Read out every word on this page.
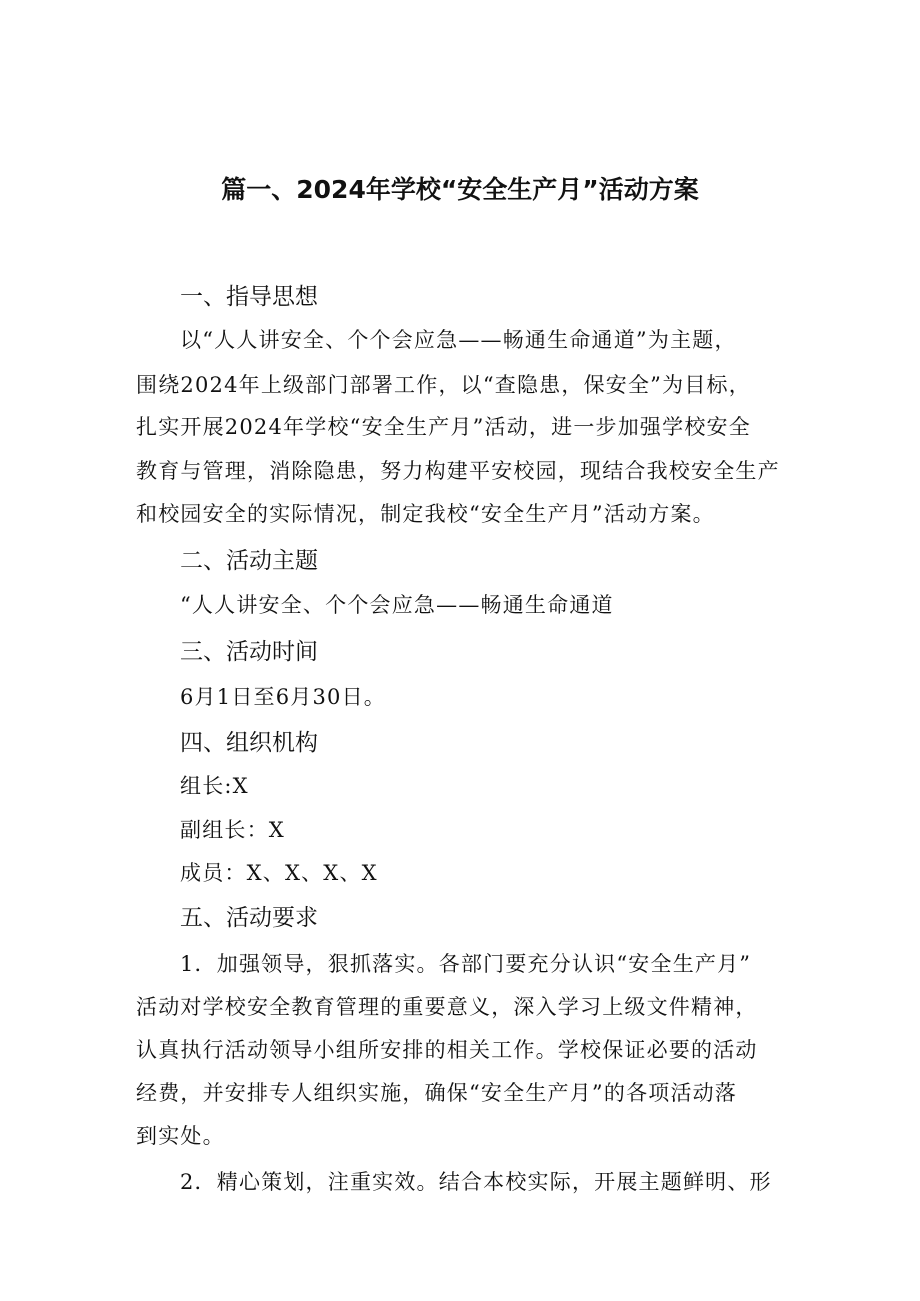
篇一、2024年学校“安全生产月”活动方案
一、指导思想
以“人人讲安全、个个会应急——畅通生命通道”为主题，
围绕2024年上级部门部署工作，以“查隐患，保安全”为目标，
扎实开展2024年学校“安全生产月”活动，进一步加强学校安全
教育与管理，消除隐患，努力构建平安校园，现结合我校安全生产
和校园安全的实际情况，制定我校“安全生产月”活动方案。
二、活动主题
“人人讲安全、个个会应急——畅通生命通道
三、活动时间
6月1日至6月30日。
四、组织机构
组长:X
副组长：X
成员：X、X、X、X
五、活动要求
1．加强领导，狠抓落实。各部门要充分认识“安全生产月”
活动对学校安全教育管理的重要意义，深入学习上级文件精神，
认真执行活动领导小组所安排的相关工作。学校保证必要的活动
经费，并安排专人组织实施，确保“安全生产月”的各项活动落
到实处。
2．精心策划，注重实效。结合本校实际，开展主题鲜明、形
